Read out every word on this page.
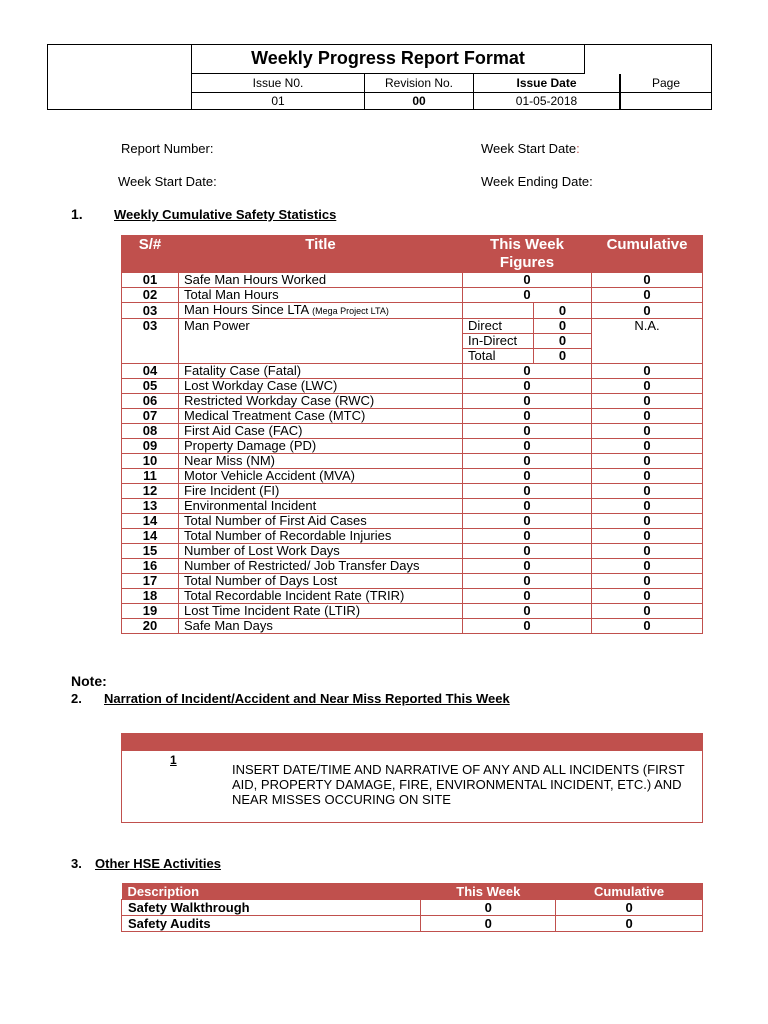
Weekly Progress Report Format
Issue N0.	Revision No.	Issue Date	Page
01	00	01-05-2018
Report Number:	Week Start Date:
Week Start Date:	Week Ending Date:
1. Weekly Cumulative Safety Statistics
S/#	Title	This Week Figures		Cumulative
01	Safe Man Hours Worked	0		0
02	Total Man Hours	0		0
03	Man Hours Since LTA (Mega Project LTA)		0	0
03	Man Power	Direct	0	N.A.
		In-Direct	0	
		Total	0	
04	Fatality Case (Fatal)	0		0
05	Lost Workday Case (LWC)	0		0
06	Restricted Workday Case (RWC)	0		0
07	Medical Treatment Case (MTC)	0		0
08	First Aid Case (FAC)	0		0
09	Property Damage (PD)	0		0
10	Near Miss (NM)	0		0
11	Motor Vehicle Accident (MVA)	0		0
12	Fire Incident (FI)	0		0
13	Environmental Incident	0		0
14	Total Number of First Aid Cases	0		0
14	Total Number of Recordable Injuries	0		0
15	Number of Lost Work Days	0		0
16	Number of Restricted/ Job Transfer Days	0		0
17	Total Number of Days Lost	0		0
18	Total Recordable Incident Rate (TRIR)	0		0
19	Lost Time Incident Rate (LTIR)	0		0
20	Safe Man Days	0		0
Note:
2. Narration of Incident/Accident and Near Miss Reported This Week
1
INSERT DATE/TIME AND NARRATIVE OF ANY AND ALL INCIDENTS (FIRST AID, PROPERTY DAMAGE, FIRE, ENVIRONMENTAL INCIDENT, ETC.) AND NEAR MISSES OCCURING ON SITE
3. Other HSE Activities
Description	This Week	Cumulative
Safety Walkthrough	0	0
Safety Audits	0	0
